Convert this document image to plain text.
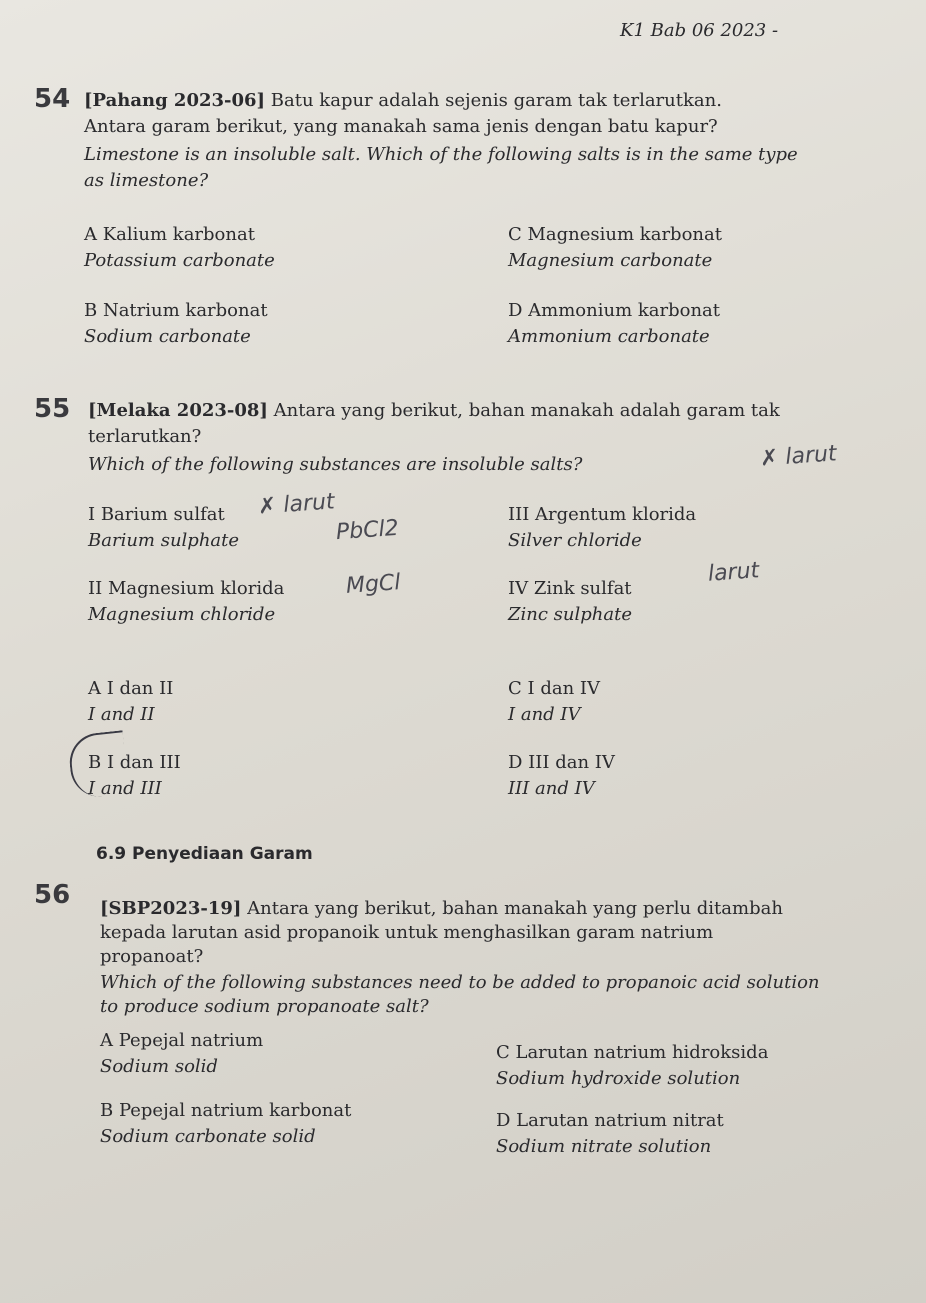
K1 Bab 06 2023 -
54 [Pahang 2023-06] Batu kapur adalah sejenis garam tak terlarutkan.
Antara garam berikut, yang manakah sama jenis dengan batu kapur?
Limestone is an insoluble salt. Which of the following salts is in the same type
as limestone?
A Kalium karbonat
Potassium carbonate
C Magnesium karbonat
Magnesium carbonate
B Natrium karbonat
Sodium carbonate
D Ammonium karbonat
Ammonium carbonate
55 [Melaka 2023-08] Antara yang berikut, bahan manakah adalah garam tak
terlarutkan?
Which of the following substances are insoluble salts?
I Barium sulfat
Barium sulphate
III Argentum klorida
Silver chloride
II Magnesium klorida
Magnesium chloride
IV Zink sulfat
Zinc sulphate
✗ larut
PbCl2
MgCl
✗ larut
larut
A I dan II
I and II
C I dan IV
I and IV
B I dan III
I and III
D III dan IV
III and IV
6.9 Penyediaan Garam
56 [SBP2023-19] Antara yang berikut, bahan manakah yang perlu ditambah
kepada larutan asid propanoik untuk menghasilkan garam natrium
propanoat?
Which of the following substances need to be added to propanoic acid solution
to produce sodium propanoate salt?
A Pepejal natrium
Sodium solid
C Larutan natrium hidroksida
Sodium hydroxide solution
B Pepejal natrium karbonat
Sodium carbonate solid
D Larutan natrium nitrat
Sodium nitrate solution
